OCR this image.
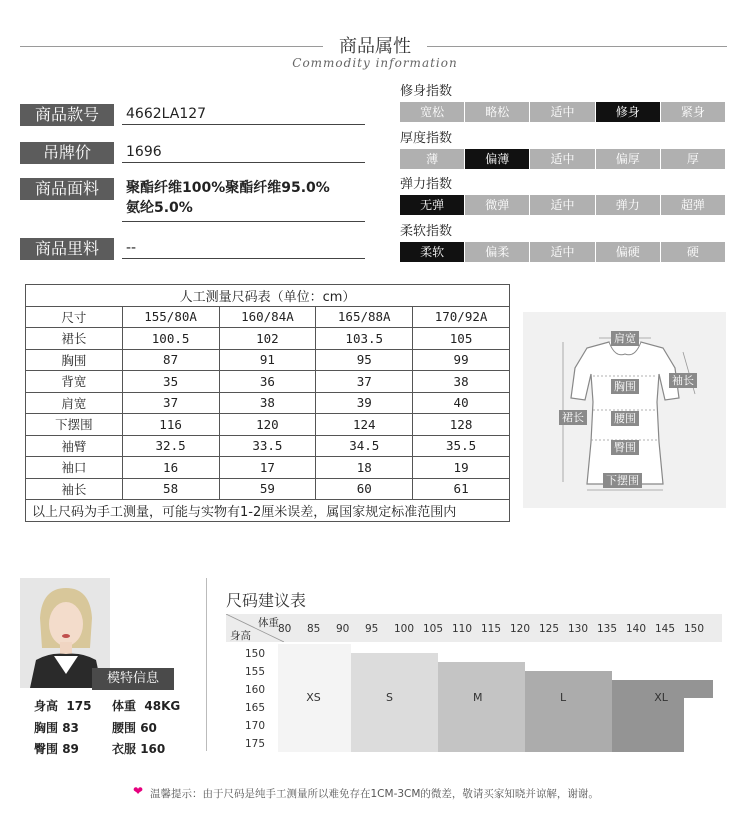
商品属性
Commodity information
商品款号	4662LA127
吊牌价	1696
商品面料	聚酯纤维100%聚酯纤维95.0%
氨纶5.0%
商品里料	--
修身指数
宽松	略松	适中	修身	紧身
厚度指数
薄	偏薄	适中	偏厚	厚
弹力指数
无弹	微弹	适中	弹力	超弹
柔软指数
柔软	偏柔	适中	偏硬	硬
人工测量尺码表（单位：cm）				
尺寸	155/80A	160/84A	165/88A	170/92A
裙长	100.5	102	103.5	105
胸围	87	91	95	99
背宽	35	36	37	38
肩宽	37	38	39	40
下摆围	116	120	124	128
袖臂	32.5	33.5	34.5	35.5
袖口	16	17	18	19
袖长	58	59	60	61
以上尺码为手工测量，可能与实物有1-2厘米误差，属国家规定标准范围内				
肩宽
袖长
胸围
裙长	腰围
臀围
下摆围
模特信息
身高 175 体重 48KG
胸围 83	腰围 60
臀围 89	衣服 160
尺码建议表
体重
身高
80 85 90 95 100 105 110 115 120 125 130 135 140 145 150
150
155
160
165
170
175
XS	S	M	L	XL
❤ 温馨提示：由于尺码是纯手工测量所以难免存在1CM-3CM的微差，敬请买家知晓并谅解，谢谢。
